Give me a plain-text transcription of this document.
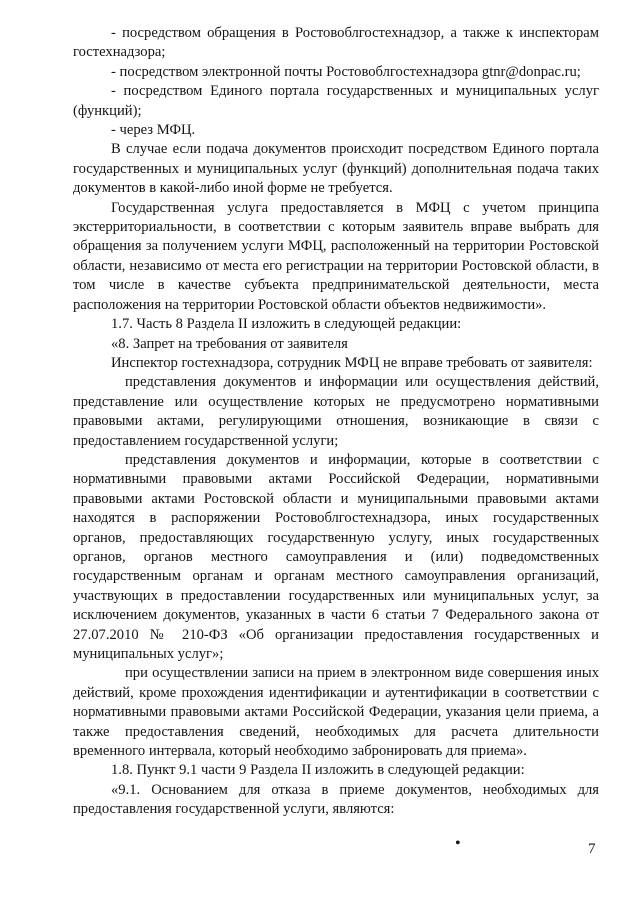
- посредством обращения в Ростовоблгостехнадзор, а также к инспекторам гостехнадзора;

- посредством электронной почты Ростовоблгостехнадзора gtnr@donpac.ru;

- посредством Единого портала государственных и муниципальных услуг (функций);

- через МФЦ.

В случае если подача документов происходит посредством Единого портала государственных и муниципальных услуг (функций) дополнительная подача таких документов в какой-либо иной форме не требуется.

Государственная услуга предоставляется в МФЦ с учетом принципа экстерриториальности, в соответствии с которым заявитель вправе выбрать для обращения за получением услуги МФЦ, расположенный на территории Ростовской области, независимо от места его регистрации на территории Ростовской области, в том числе в качестве субъекта предпринимательской деятельности, места расположения на территории Ростовской области объектов недвижимости».

1.7. Часть 8 Раздела II изложить в следующей редакции:

«8. Запрет на требования от заявителя

Инспектор гостехнадзора, сотрудник МФЦ не вправе требовать от заявителя:

представления документов и информации или осуществления действий, представление или осуществление которых не предусмотрено нормативными правовыми актами, регулирующими отношения, возникающие в связи с предоставлением государственной услуги;

представления документов и информации, которые в соответствии с нормативными правовыми актами Российской Федерации, нормативными правовыми актами Ростовской области и муниципальными правовыми актами находятся в распоряжении Ростовоблгостехнадзора, иных государственных органов, предоставляющих государственную услугу, иных государственных органов, органов местного самоуправления и (или) подведомственных государственным органам и органам местного самоуправления организаций, участвующих в предоставлении государственных или муниципальных услуг, за исключением документов, указанных в части 6 статьи 7 Федерального закона от 27.07.2010 № 210-ФЗ «Об организации предоставления государственных и муниципальных услуг»;

при осуществлении записи на прием в электронном виде совершения иных действий, кроме прохождения идентификации и аутентификации в соответствии с нормативными правовыми актами Российской Федерации, указания цели приема, а также предоставления сведений, необходимых для расчета длительности временного интервала, который необходимо забронировать для приема».

1.8. Пункт 9.1 части 9 Раздела II изложить в следующей редакции:

«9.1. Основанием для отказа в приеме документов, необходимых для предоставления государственной услуги, являются:

•	7
